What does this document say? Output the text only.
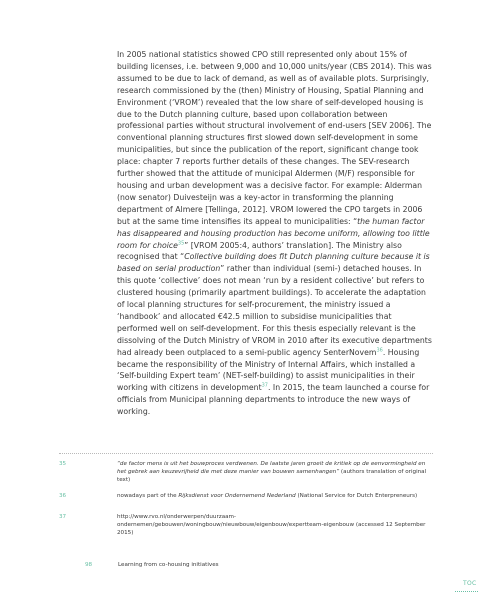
In 2005 national statistics showed CPO still represented only about 15% of building licenses, i.e. between 9,000 and 10,000 units/year (CBS 2014). This was assumed to be due to lack of demand, as well as of available plots. Surprisingly, research commissioned by the (then) Ministry of Housing, Spatial Planning and Environment (‘VROM’) revealed that the low share of self-developed housing is due to the Dutch planning culture, based upon collaboration between professional parties without structural involvement of end-users [SEV 2006]. The conventional planning structures first slowed down self-development in some municipalities, but since the publication of the report, significant change took place: chapter 7 reports further details of these changes. The SEV-research further showed that the attitude of municipal Aldermen (M/F) responsible for housing and urban development was a decisive factor. For example: Alderman (now senator) Duivesteijn was a key-actor in transforming the planning department of Almere [Tellinga, 2012]. VROM lowered the CPO targets in 2006 but at the same time intensifies its appeal to municipalities: “the human factor has disappeared and housing production has become uniform, allowing too little room for choice$^{35}$” [VROM 2005:4, authors’ translation]. The Ministry also recognised that “Collective building does fit Dutch planning culture because it is based on serial production” rather than individual (semi-) detached houses. In this quote ‘collective’ does not mean ‘run by a resident collective’ but refers to clustered housing (primarily apartment buildings). To accelerate the adaptation of local planning structures for self-procurement, the ministry issued a ‘handbook’ and allocated €42.5 million to subsidise municipalities that performed well on self-development. For this thesis especially relevant is the dissolving of the Dutch Ministry of VROM in 2010 after its executive departments had already been outplaced to a semi-public agency SenterNovem$^{36}$. Housing became the responsibility of the Ministry of Internal Affairs, which installed a ‘Self-building Expert team’ (NET-self-building) to assist municipalities in their working with citizens in development$^{37}$. In 2015, the team launched a course for officials from Municipal planning departments to introduce the new ways of working.

35	“de factor mens is uit het bouwproces verdwenen. De laatste jaren groeit de kritiek op de eenvormingheid en het gebrek aan keuzevrijheid die met deze manier van bouwen samenhangen” (authors translation of original text)
36	nowadays part of the Rijksdienst voor Ondernemend Nederland (National Service for Dutch Enterpreneurs)
37	http://www.rvo.nl/onderwerpen/duurzaam-ondernemen/gebouwen/woningbouw/nieuwbouw/eigenbouw/expertteam-eigenbouw (accessed 12 September 2015)
98	Learning from co-housing initiatives
TOC
